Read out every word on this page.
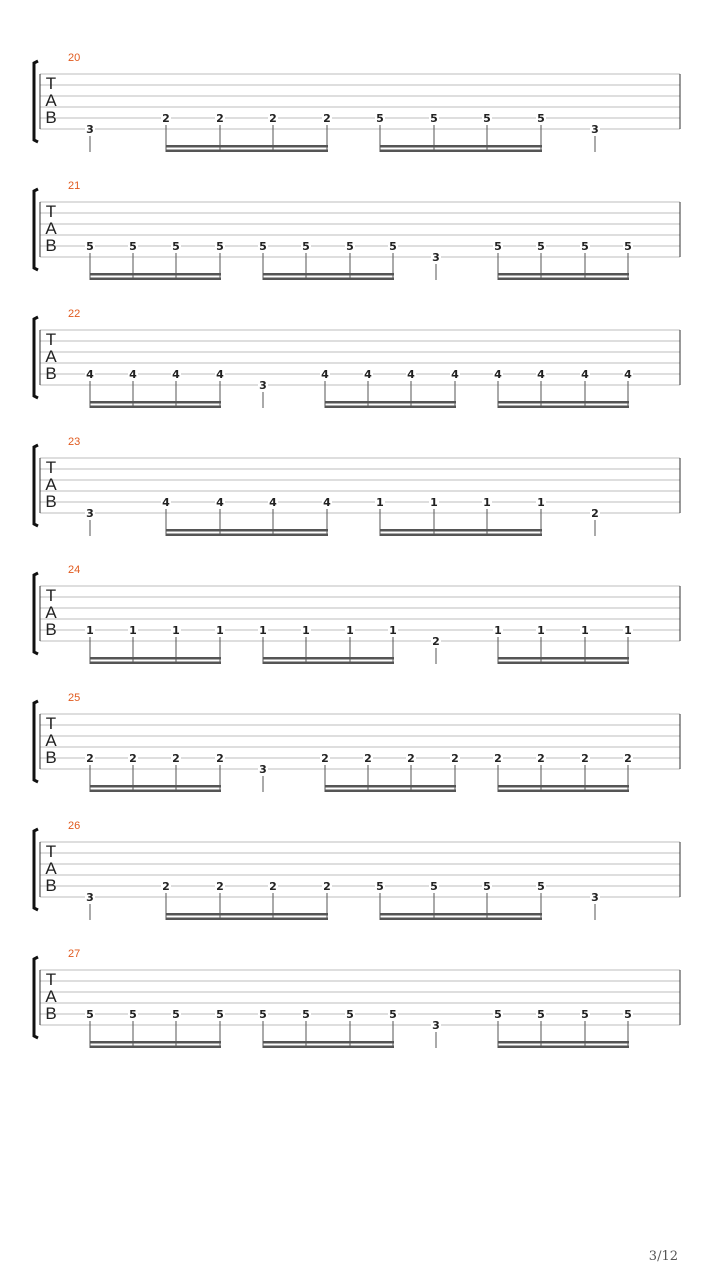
20
T
A
B
3
2	2	2	2	5	5	5	5
3
21
T
A
B	5	5	5	5	5	5	5	5
3
5	5	5	5
22
T
A
B	4	4	4	4
3
4	4	4	4	4	4	4	4
23
T
A
B
3
4	4	4	4	1	1	1	1
2
24
T
A
B	1	1	1	1	1	1	1	1
2
1	1	1	1
25
T
A
B	2	2	2	2
3
2	2	2	2	2	2	2	2
26
T
A
B
3
2	2	2	2	5	5	5	5
3
27
T
A
B	5	5	5	5	5	5	5	5
3
5	5	5	5
3/12
